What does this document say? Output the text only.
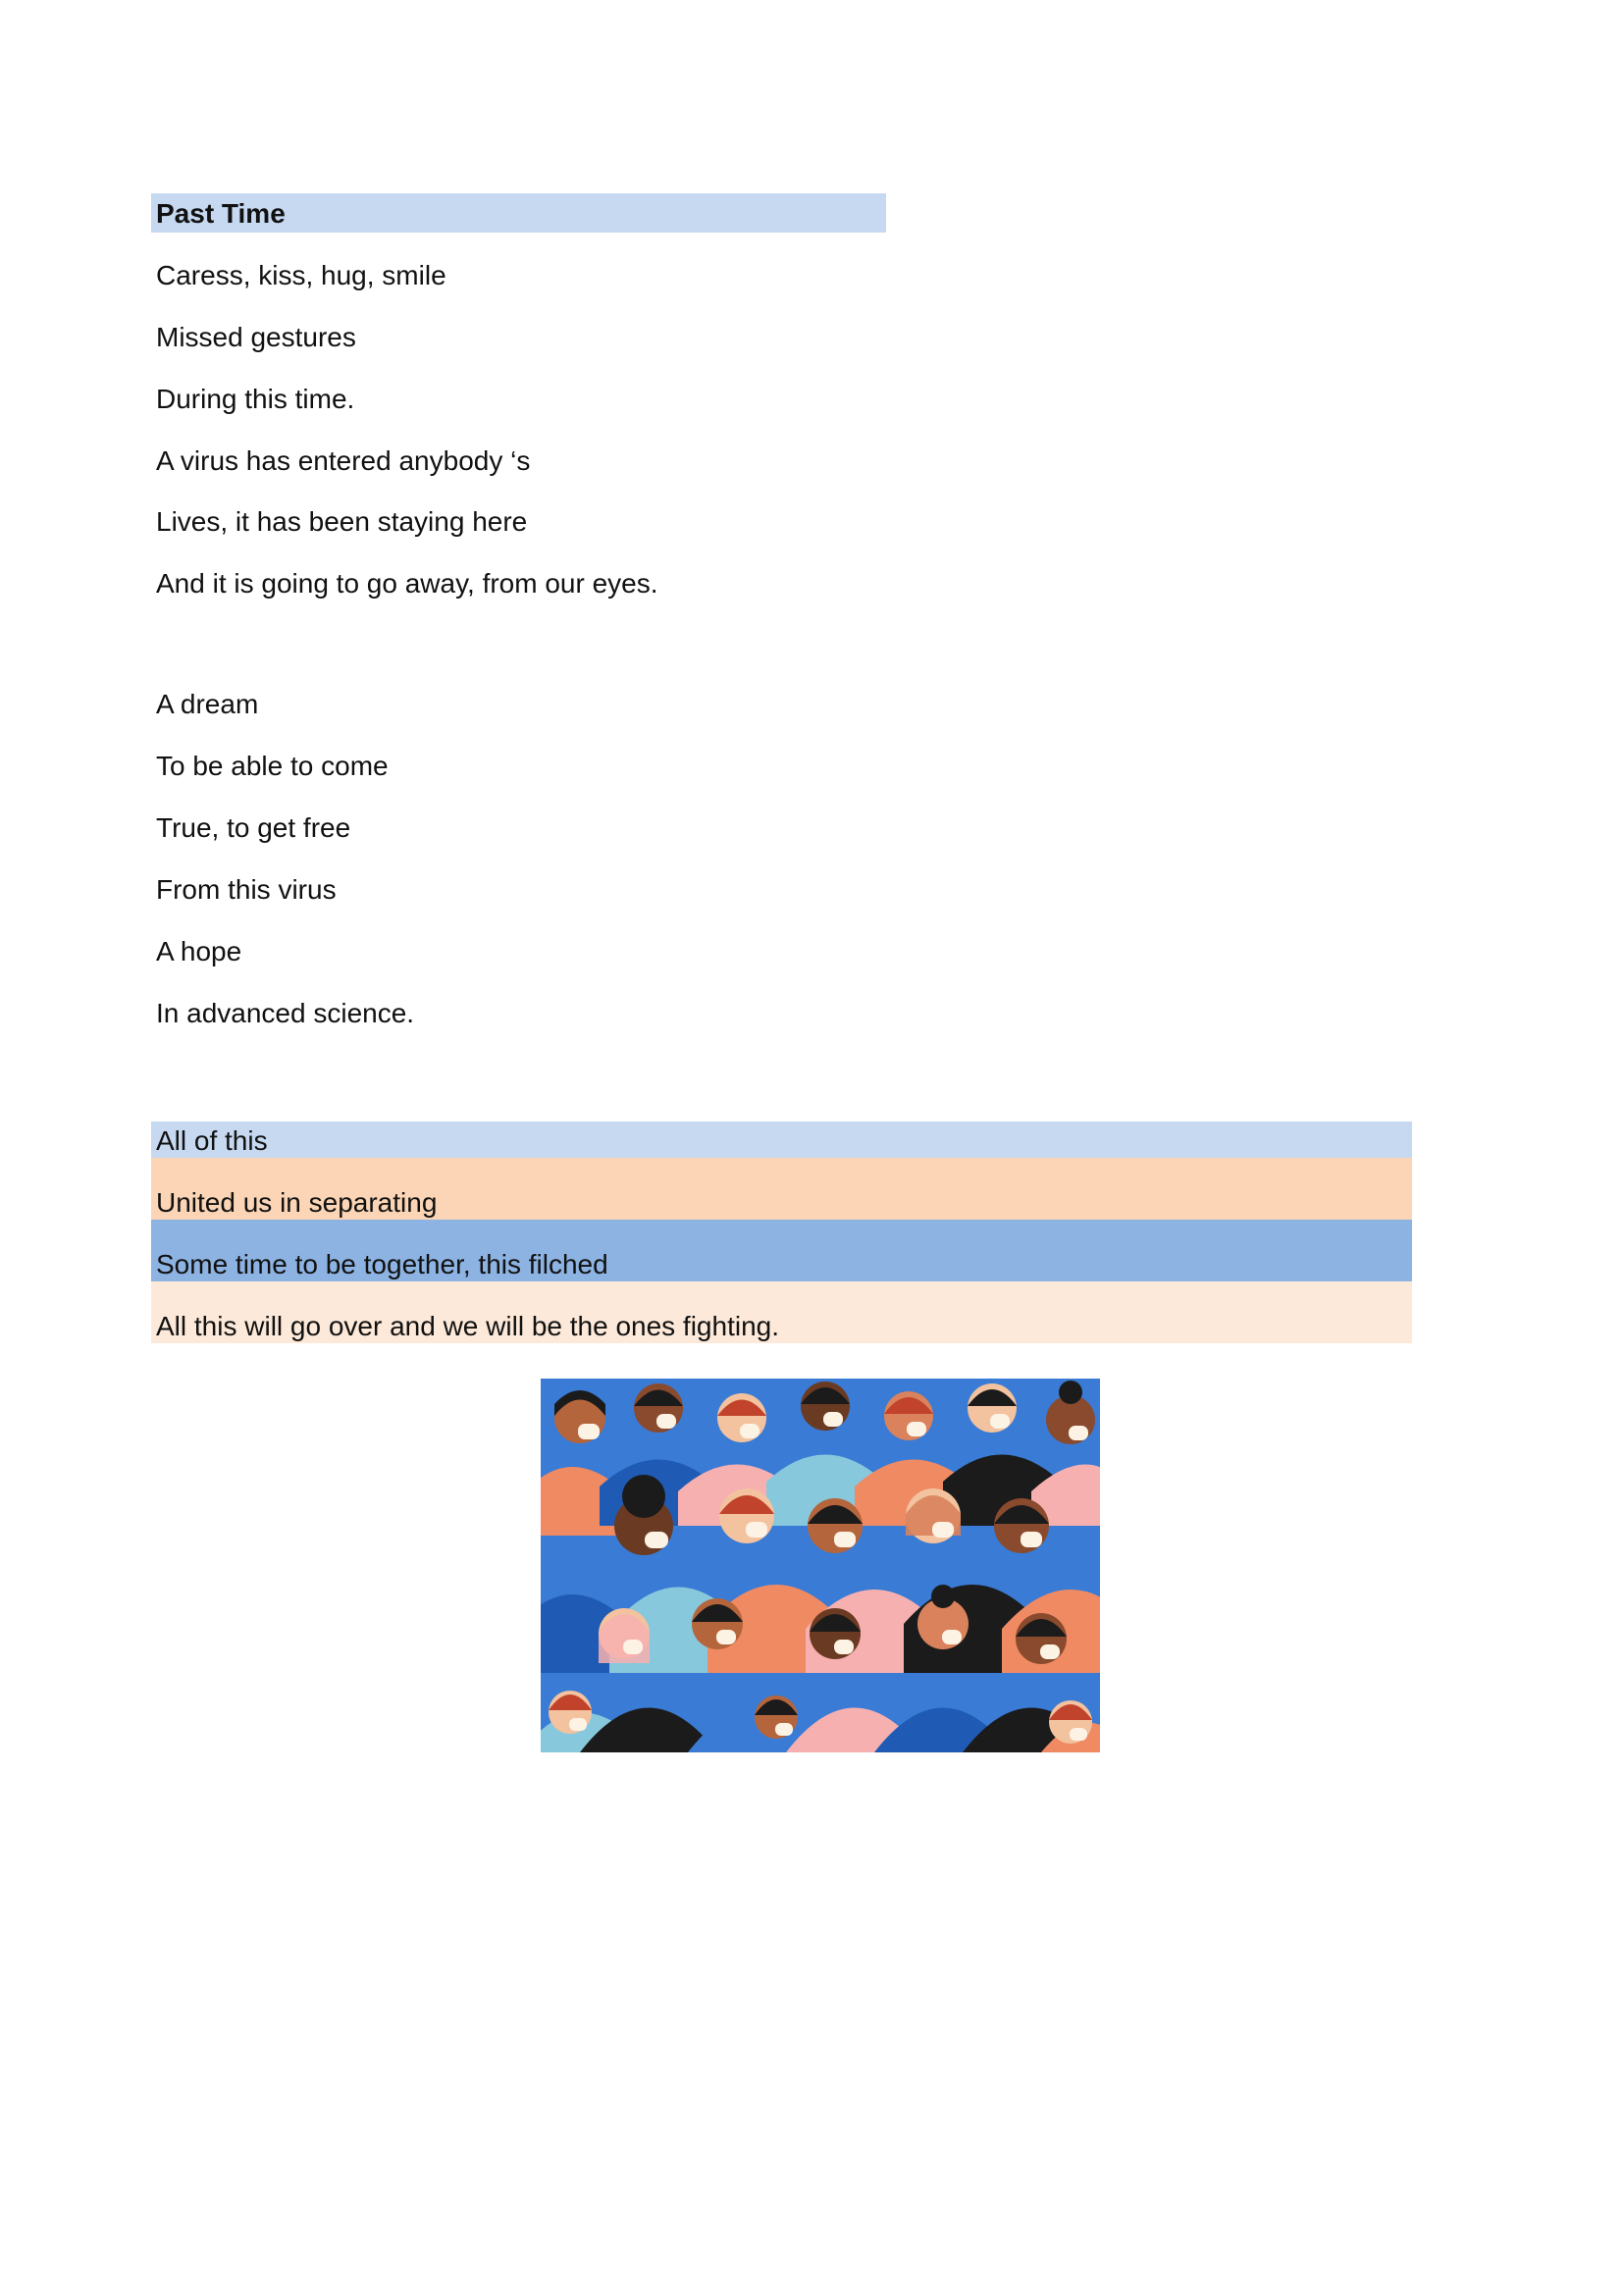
Past Time
Caress, kiss, hug, smile
Missed gestures
During this time.
A virus has entered anybody ‘s
Lives, it has been staying here
And it is going to go away, from our eyes.
A dream
To be able to come
True, to get free
From this virus
A hope
In advanced science.
All of this
United us in separating
Some time to be together, this filched
All this will go over and we will be the ones fighting.
